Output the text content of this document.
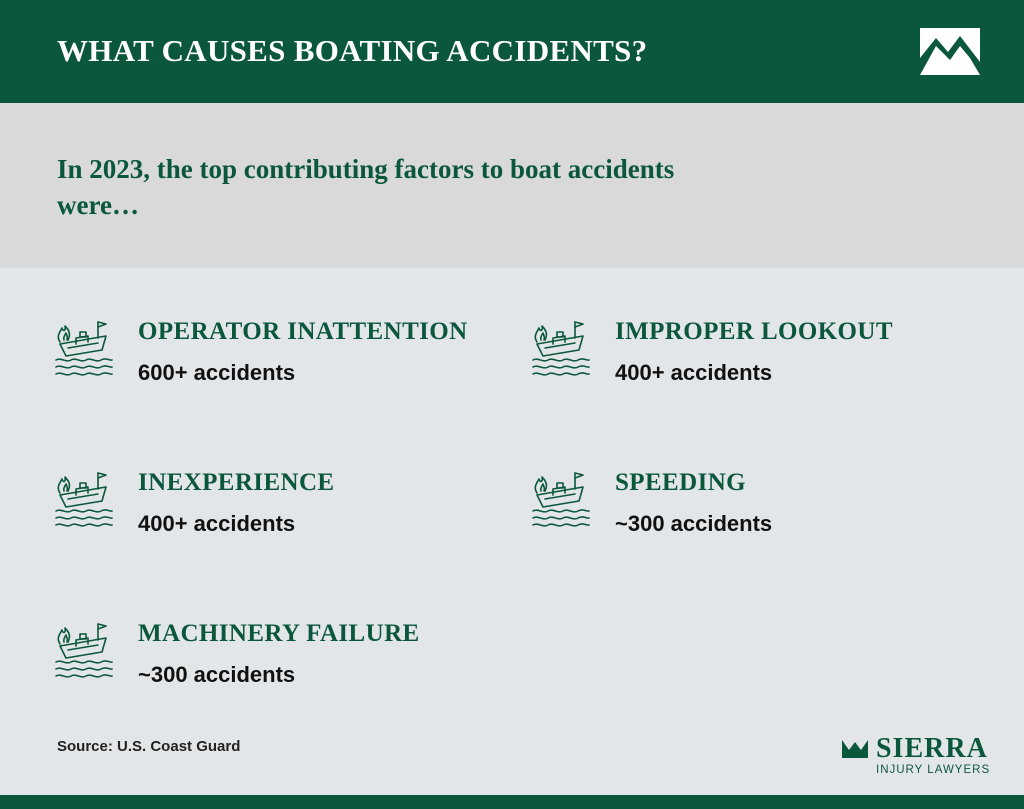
WHAT CAUSES BOATING ACCIDENTS?
In 2023, the top contributing factors to boat accidents were…
OPERATOR INATTENTION
600+ accidents
IMPROPER LOOKOUT
400+ accidents
INEXPERIENCE
400+ accidents
SPEEDING
~300 accidents
MACHINERY FAILURE
~300 accidents
Source: U.S. Coast Guard	SIERRA
INJURY LAWYERS
